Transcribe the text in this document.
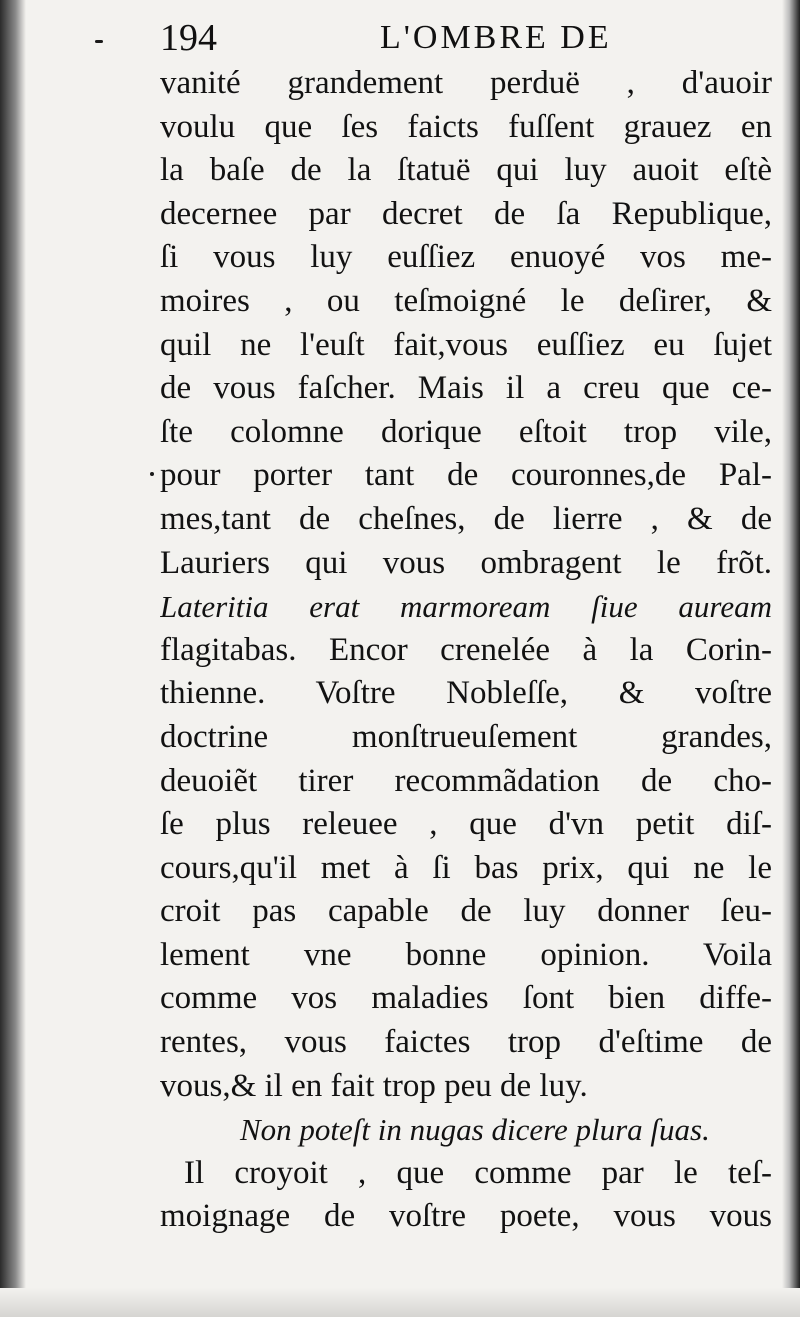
194	L'OMBRE DE
vanité grandement perduë , d'auoir
voulu que ſes faicts fuſſent grauez en
la baſe de la ſtatuë qui luy auoit eſtè
decernee par decret de ſa Republique,
ſi vous luy euſſiez enuoyé vos me-
moires , ou teſmoigné le deſirer, &
quil ne l'euſt fait,vous euſſiez eu ſujet
de vous faſcher. Mais il a creu que ce-
ſte colomne dorique eſtoit trop vile,
pour porter tant de couronnes,de Pal-
mes,tant de cheſnes, de lierre , & de
Lauriers qui vous ombragent le frõt.
Lateritia erat marmoream ſiue auream
flagitabas. Encor crenelée à la Corin-
thienne. Voſtre Nobleſſe, & voſtre
doctrine monſtrueuſement grandes,
deuoiẽt tirer recommãdation de cho-
ſe plus releuee , que d'vn petit diſ-
cours,qu'il met à ſi bas prix, qui ne le
croit pas capable de luy donner ſeu-
lement vne bonne opinion. Voila
comme vos maladies ſont bien diffe-
rentes, vous faictes trop d'eſtime de
vous,& il en fait trop peu de luy.
Non poteſt in nugas dicere plura ſuas.
Il croyoit , que comme par le teſ-
moignage de voſtre poete, vous vous
